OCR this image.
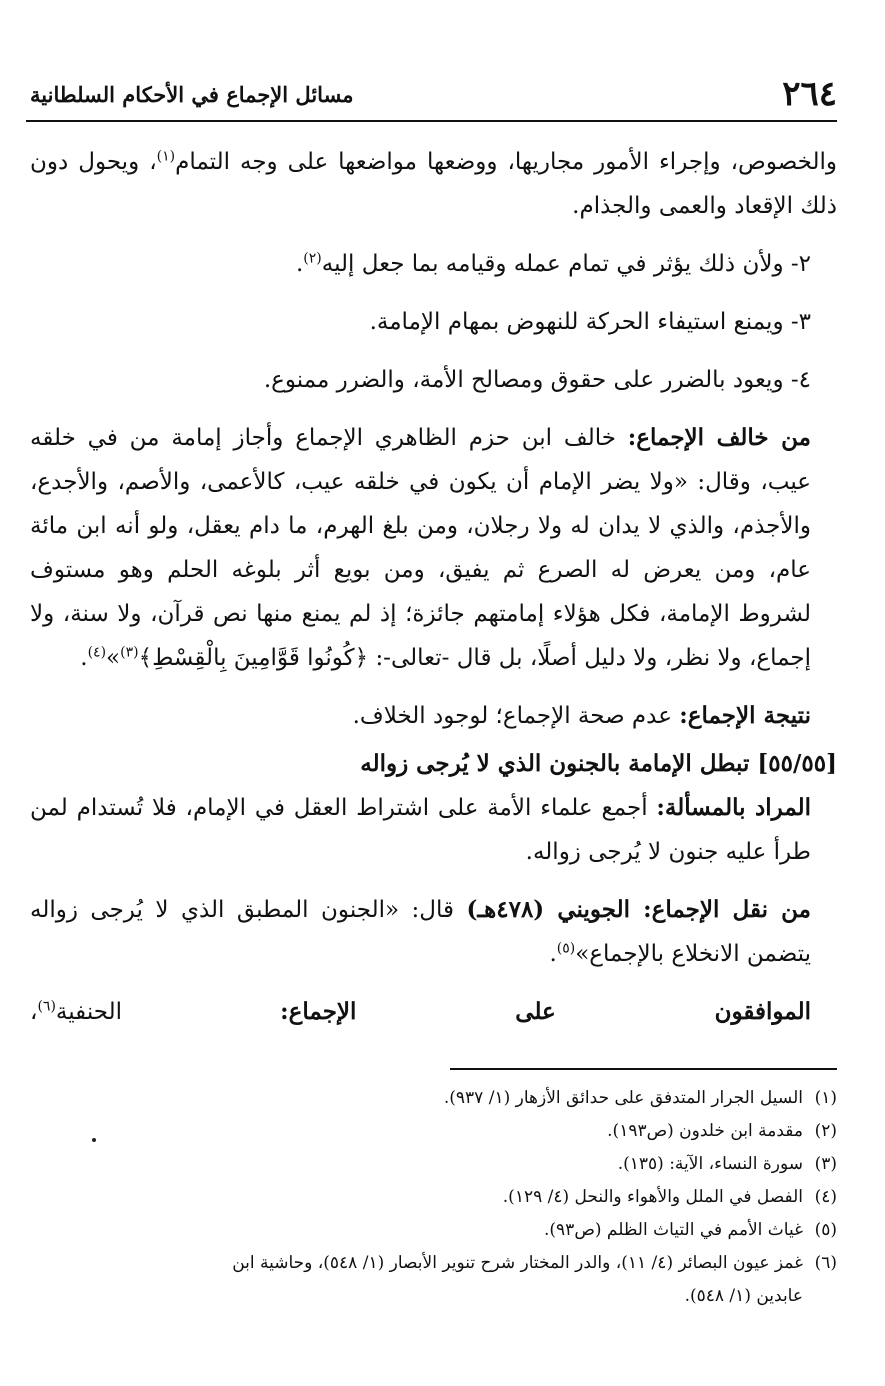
٢٦٤
مسائل الإجماع في الأحكام السلطانية

والخصوص، وإجراء الأمور مجاريها، ووضعها مواضعها على وجه التمام$^{(١)}$، ويحول دون ذلك الإقعاد والعمى والجذام.

٢- ولأن ذلك يؤثر في تمام عمله وقيامه بما جعل إليه$^{(٢)}$.

٣- ويمنع استيفاء الحركة للنهوض بمهام الإمامة.

٤- ويعود بالضرر على حقوق ومصالح الأمة، والضرر ممنوع.

من خالف الإجماع: خالف ابن حزم الظاهري الإجماع وأجاز إمامة من في خلقه عيب، وقال: «ولا يضر الإمام أن يكون في خلقه عيب، كالأعمى، والأصم، والأجدع، والأجذم، والذي لا يدان له ولا رجلان، ومن بلغ الهرم، ما دام يعقل، ولو أنه ابن مائة عام، ومن يعرض له الصرع ثم يفيق، ومن بويع أثر بلوغه الحلم وهو مستوف لشروط الإمامة، فكل هؤلاء إمامتهم جائزة؛ إذ لم يمنع منها نص قرآن، ولا سنة، ولا إجماع، ولا نظر، ولا دليل أصلًا، بل قال -تعالى-: ﴿كُونُوا قَوَّامِينَ بِالْقِسْطِ﴾$^{(٣)}$»$^{(٤)}$.

نتيجة الإجماع: عدم صحة الإجماع؛ لوجود الخلاف.

[٥٥/٥٥] تبطل الإمامة بالجنون الذي لا يُرجى زواله

المراد بالمسألة: أجمع علماء الأمة على اشتراط العقل في الإمام، فلا تُستدام لمن طرأ عليه جنون لا يُرجى زواله.

من نقل الإجماع: الجويني (٤٧٨هـ) قال: «الجنون المطبق الذي لا يُرجى زواله يتضمن الانخلاع بالإجماع»$^{(٥)}$.

الموافقون على الإجماع: الحنفية$^{(٦)}$،

(١)السيل الجرار المتدفق على حدائق الأزهار (١/ ٩٣٧).

(٢)مقدمة ابن خلدون (ص١٩٣).

(٣)سورة النساء، الآية: (١٣٥).

(٤)الفصل في الملل والأهواء والنحل (٤/ ١٢٩).

(٥)غياث الأمم في التياث الظلم (ص٩٣).

(٦)غمز عيون البصائر (٤/ ١١)، والدر المختار شرح تنوير الأبصار (١/ ٥٤٨)، وحاشية ابن

عابدين (١/ ٥٤٨).
